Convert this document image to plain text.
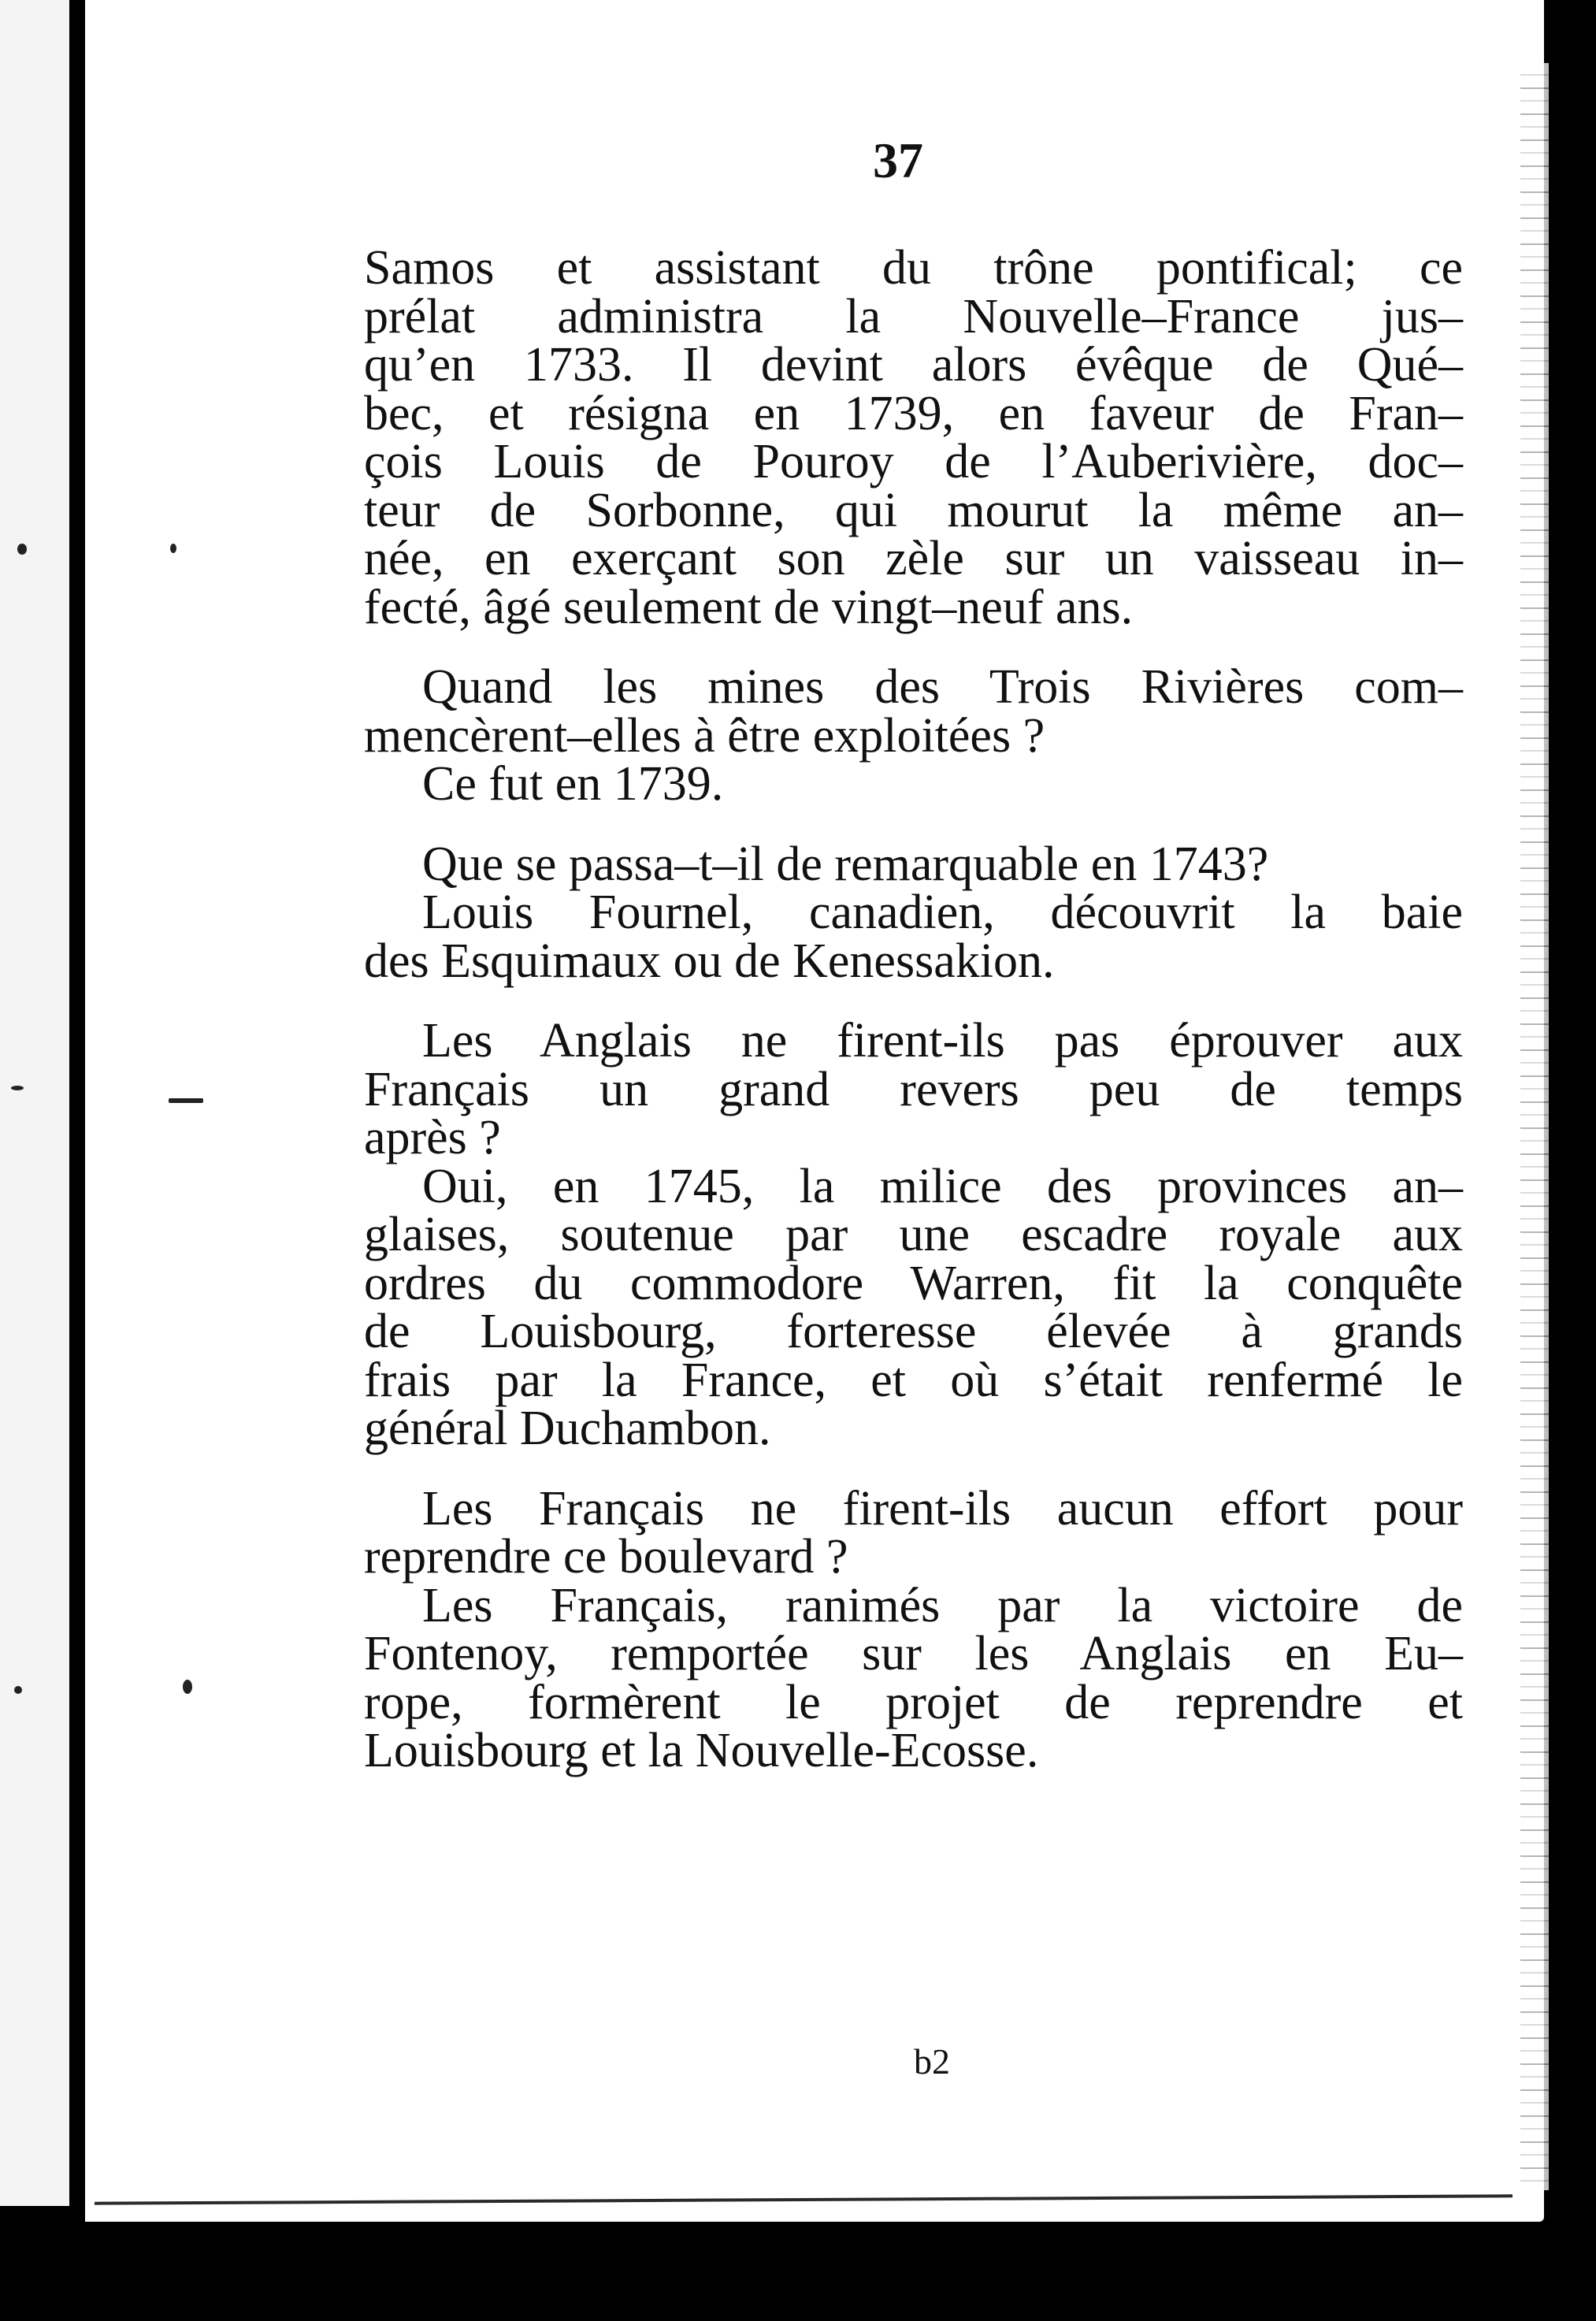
37
Samos et assistant du trône pontifical; ce
prélat administra la Nouvelle–France jus–
qu’en 1733. Il devint alors évêque de Qué–
bec, et résigna en 1739, en faveur de Fran–
çois Louis de Pouroy de l’Auberivière, doc–
teur de Sorbonne, qui mourut la même an–
née, en exerçant son zèle sur un vaisseau in–
fecté, âgé seulement de vingt–neuf ans.
Quand les mines des Trois Rivières com–
mencèrent–elles à être exploitées ?
Ce fut en 1739.
Que se passa–t–il de remarquable en 1743?
Louis Fournel, canadien, découvrit la baie
des Esquimaux ou de Kenessakion.
Les Anglais ne firent-ils pas éprouver aux
Français un grand revers peu de temps
après ?
Oui, en 1745, la milice des provinces an–
glaises, soutenue par une escadre royale aux
ordres du commodore Warren, fit la conquête
de Louisbourg, forteresse élevée à grands
frais par la France, et où s’était renfermé le
général Duchambon.
Les Français ne firent-ils aucun effort pour
reprendre ce boulevard ?
Les Français, ranimés par la victoire de
Fontenoy, remportée sur les Anglais en Eu–
rope, formèrent le projet de reprendre et
Louisbourg et la Nouvelle-Ecosse.
b2
